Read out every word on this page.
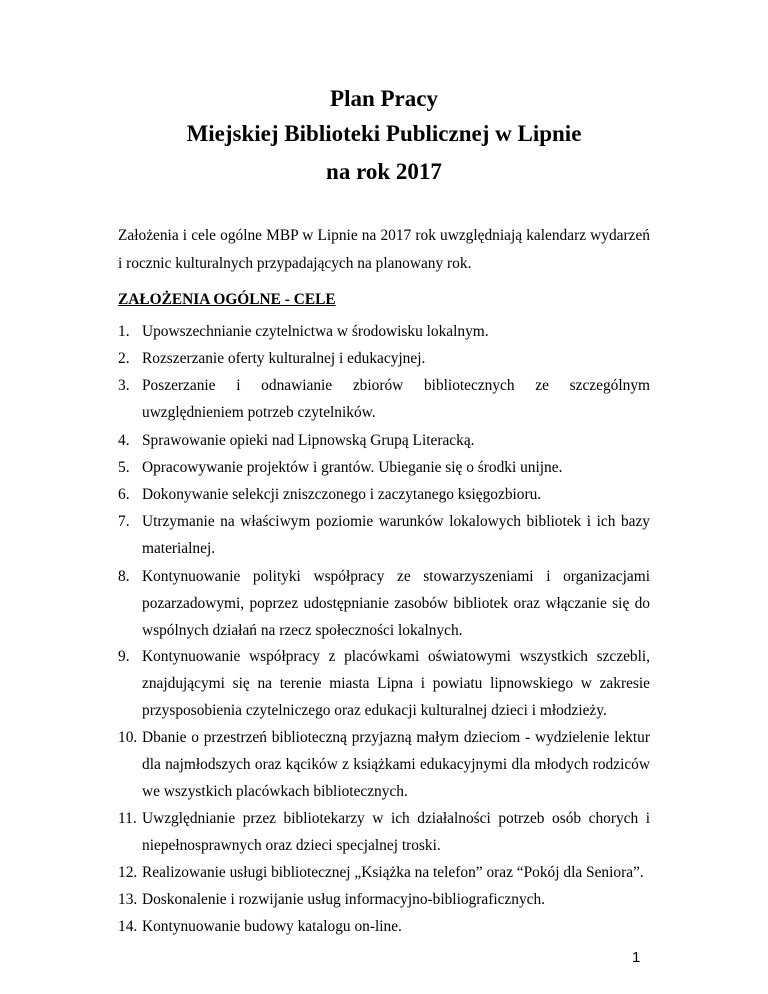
Plan Pracy
Miejskiej Biblioteki Publicznej w Lipnie
na rok 2017
Założenia i cele ogólne MBP w Lipnie na 2017 rok uwzględniają kalendarz wydarzeń i rocznic kulturalnych przypadających na planowany rok.
ZAŁOŻENIA OGÓLNE - CELE
1. Upowszechnianie czytelnictwa w środowisku lokalnym.
2. Rozszerzanie oferty kulturalnej i edukacyjnej.
3. Poszerzanie i odnawianie zbiorów bibliotecznych ze szczególnym uwzględnieniem potrzeb czytelników.
4. Sprawowanie opieki nad Lipnowską Grupą Literacką.
5. Opracowywanie projektów i grantów. Ubieganie się o środki unijne.
6. Dokonywanie selekcji zniszczonego i zaczytanego księgozbioru.
7. Utrzymanie na właściwym poziomie warunków lokalowych bibliotek i ich bazy materialnej.
8. Kontynuowanie polityki współpracy ze stowarzyszeniami i organizacjami pozarzadowymi, poprzez udostępnianie zasobów bibliotek oraz włączanie się do wspólnych działań na rzecz społeczności lokalnych.
9. Kontynuowanie współpracy z placówkami oświatowymi wszystkich szczebli, znajdującymi się na terenie miasta Lipna i powiatu lipnowskiego w zakresie przysposobienia czytelniczego oraz edukacji kulturalnej dzieci i młodzieży.
10. Dbanie o przestrzeń biblioteczną przyjazną małym dzieciom - wydzielenie lektur dla najmłodszych oraz kącików z książkami edukacyjnymi dla młodych rodziców we wszystkich placówkach bibliotecznych.
11. Uwzględnianie przez bibliotekarzy w ich działalności potrzeb osób chorych i niepełnosprawnych oraz dzieci specjalnej troski.
12. Realizowanie usługi bibliotecznej „Książka na telefon” oraz “Pokój dla Seniora”.
13. Doskonalenie i rozwijanie usług informacyjno-bibliograficznych.
14. Kontynuowanie budowy katalogu on-line.
1
